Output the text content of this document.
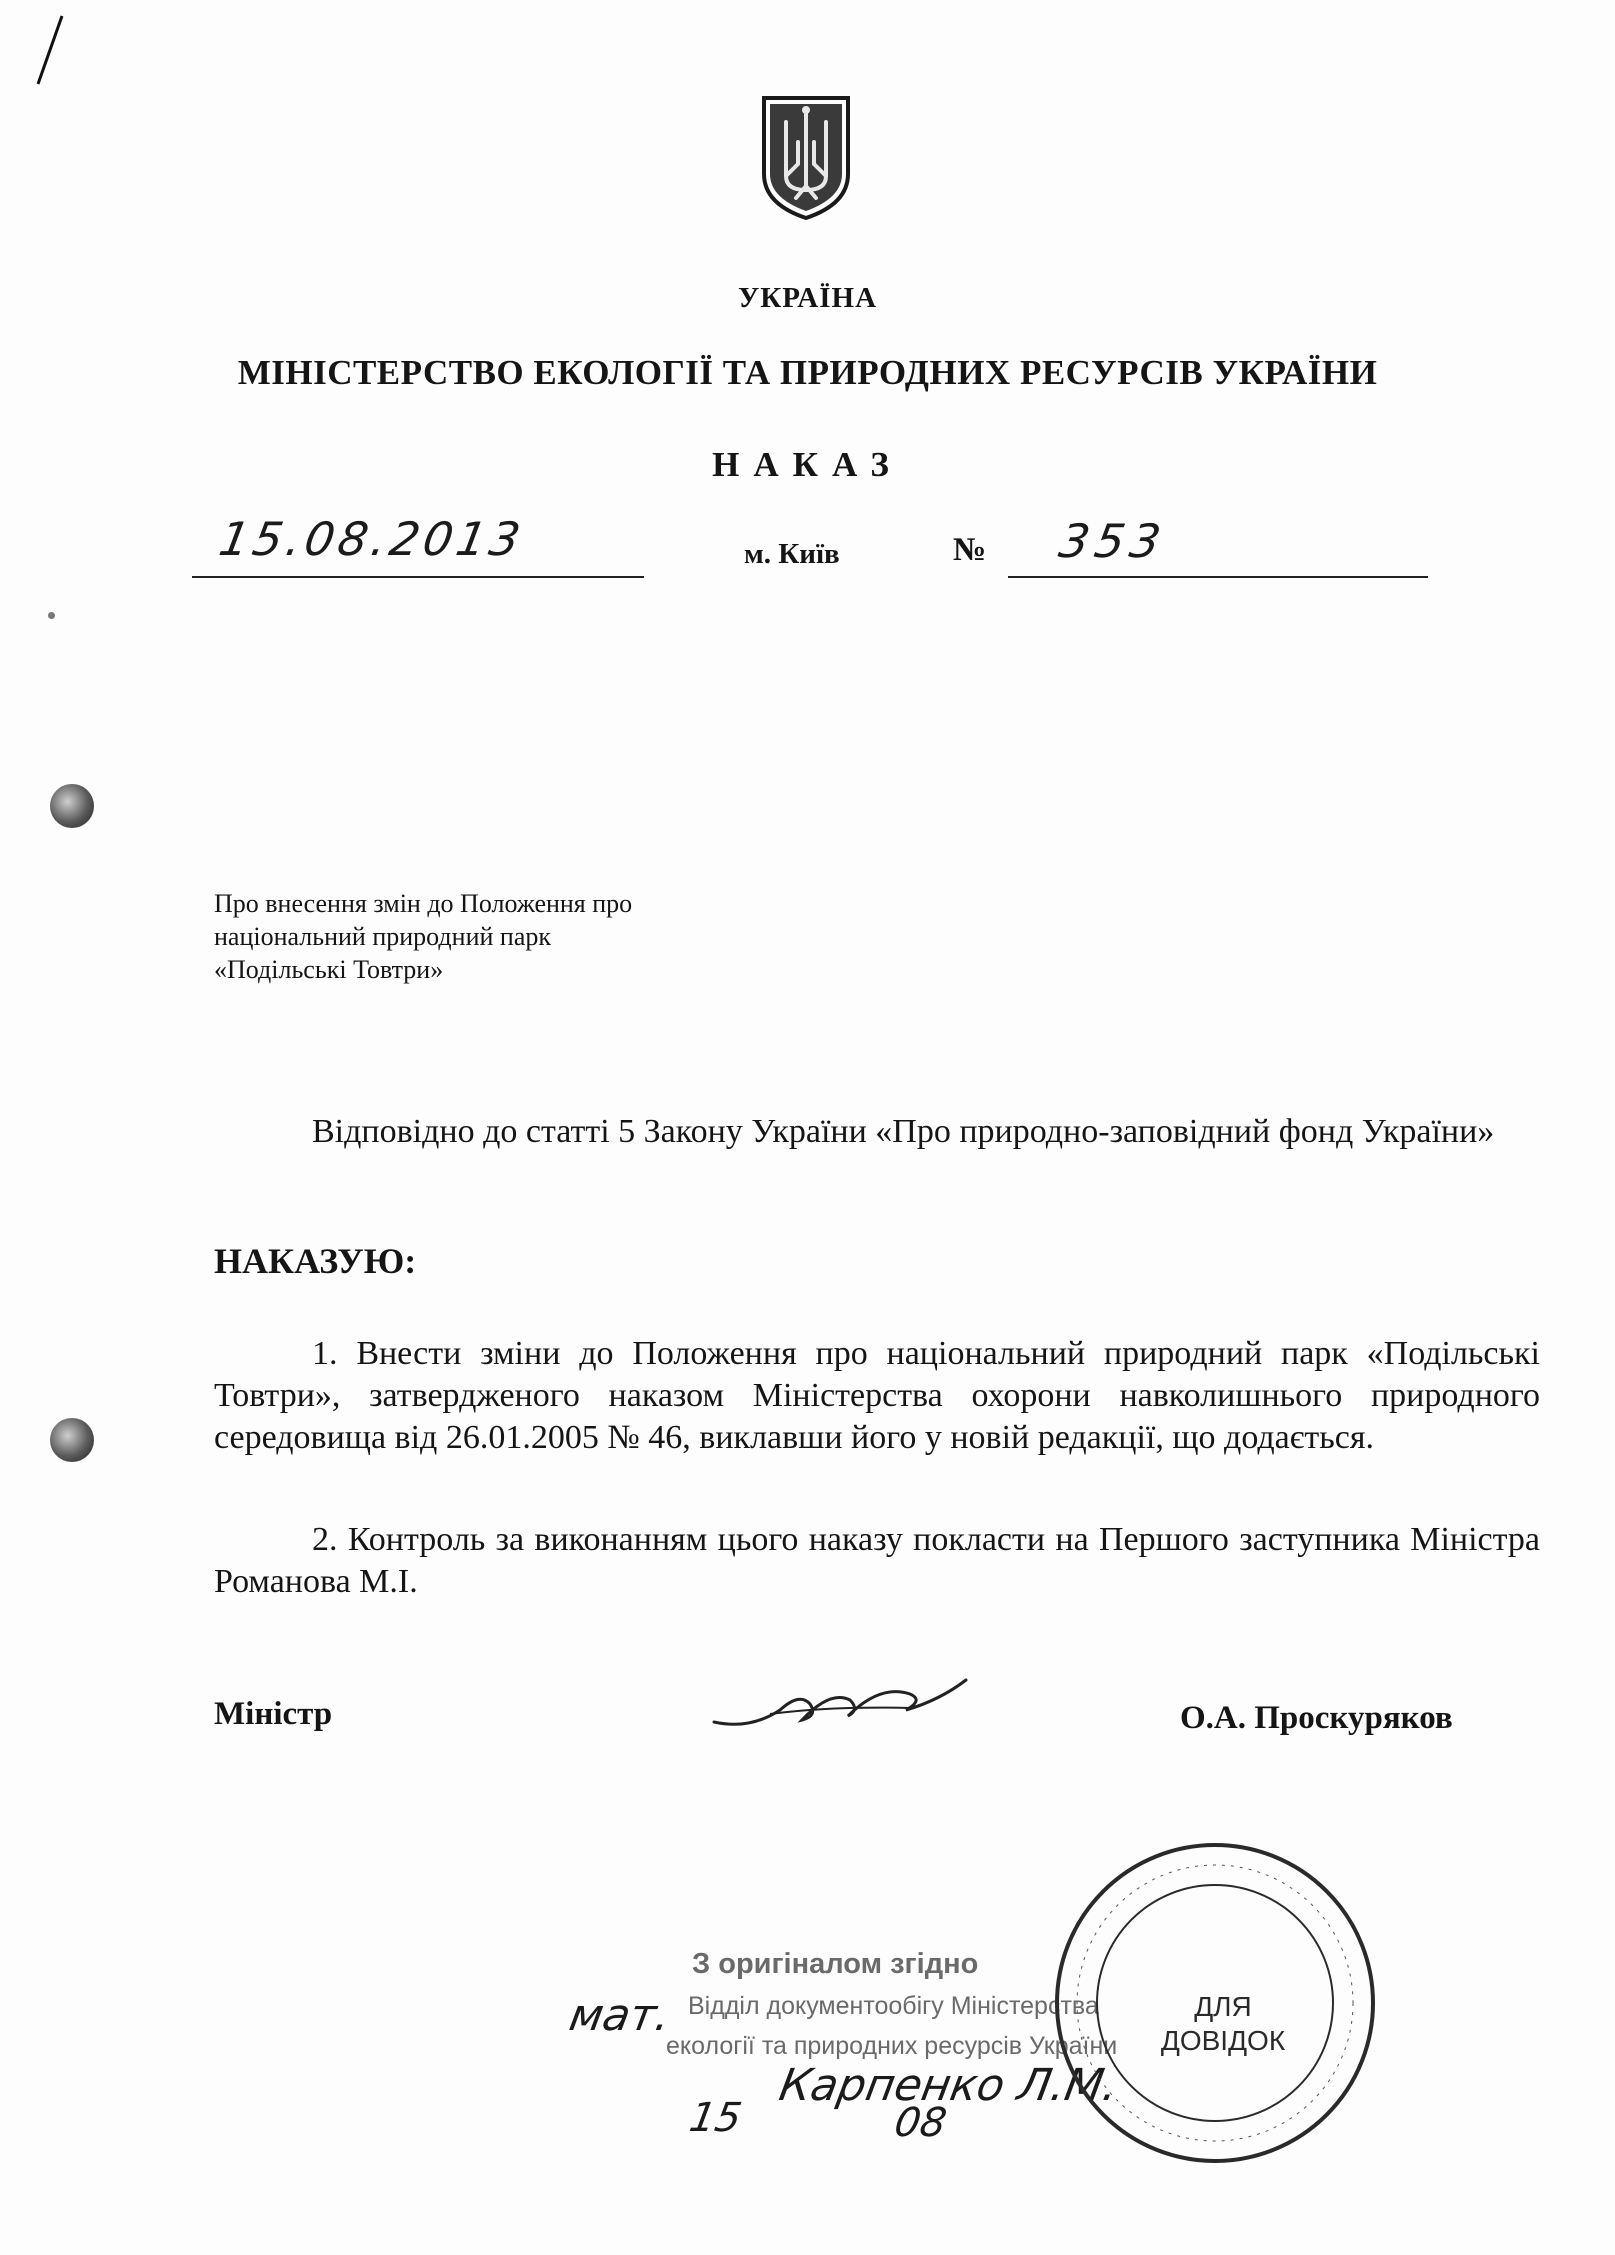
УКРАЇНА
МІНІСТЕРСТВО ЕКОЛОГІЇ ТА ПРИРОДНИХ РЕСУРСІВ УКРАЇНИ
НАКАЗ
15.08.2013	м. Київ	№ 353
Про внесення змін до Положення про
національний природний парк
«Подільські Товтри»
Відповідно до статті 5 Закону України «Про природно-заповідний фонд України»
НАКАЗУЮ:
1. Внести зміни до Положення про національний природний парк «Подільські Товтри», затвердженого наказом Міністерства охорони навколишнього природного середовища від 26.01.2005 № 46, виклавши його у новій редакції, що додається.
2. Контроль за виконанням цього наказу покласти на Першого заступника Міністра Романова М.І.
Міністр	О.А. Проскуряков
З оригіналом згідно
Відділ документообігу Міністерства
екології та природних ресурсів України
мат.
Карпенко Л.М.
15	08
ДЛЯ
ДОВІДОК
